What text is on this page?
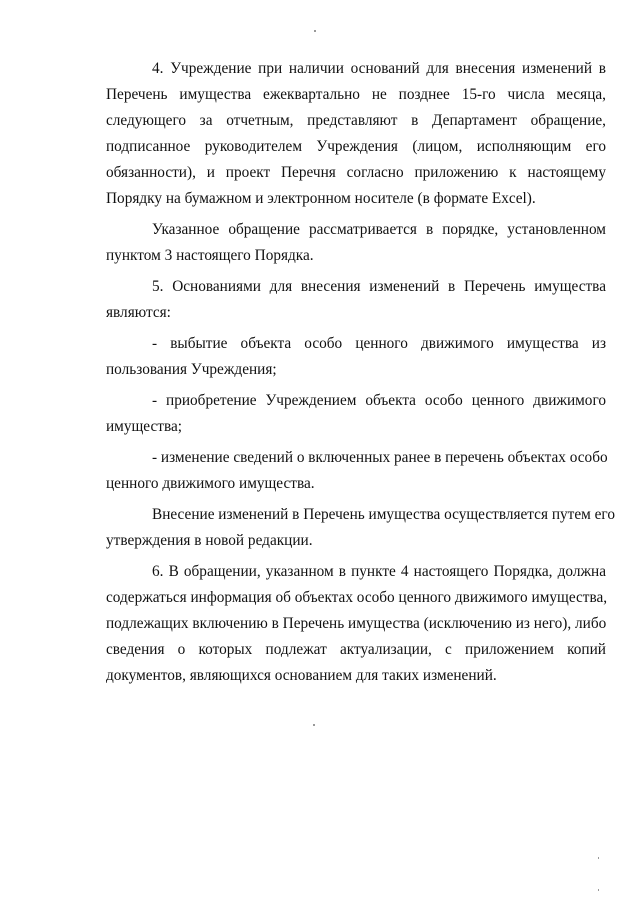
4. Учреждение при наличии оснований для внесения изменений в
Перечень имущества ежеквартально не позднее 15-го числа месяца,
следующего за отчетным, представляют в Департамент обращение,
подписанное руководителем Учреждения (лицом, исполняющим его
обязанности), и проект Перечня согласно приложению к настоящему
Порядку на бумажном и электронном носителе (в формате Excel).

Указанное обращение рассматривается в порядке, установленном
пунктом 3 настоящего Порядка.

5. Основаниями для внесения изменений в Перечень имущества
являются:

- выбытие объекта особо ценного движимого имущества из
пользования Учреждения;

- приобретение Учреждением объекта особо ценного движимого
имущества;

- изменение сведений о включенных ранее в перечень объектах особо
ценного движимого имущества.

Внесение изменений в Перечень имущества осуществляется путем его
утверждения в новой редакции.

6. В обращении, указанном в пункте 4 настоящего Порядка, должна
содержаться информация об объектах особо ценного движимого имущества,
подлежащих включению в Перечень имущества (исключению из него), либо
сведения о которых подлежат актуализации, с приложением копий
документов, являющихся основанием для таких изменений.
